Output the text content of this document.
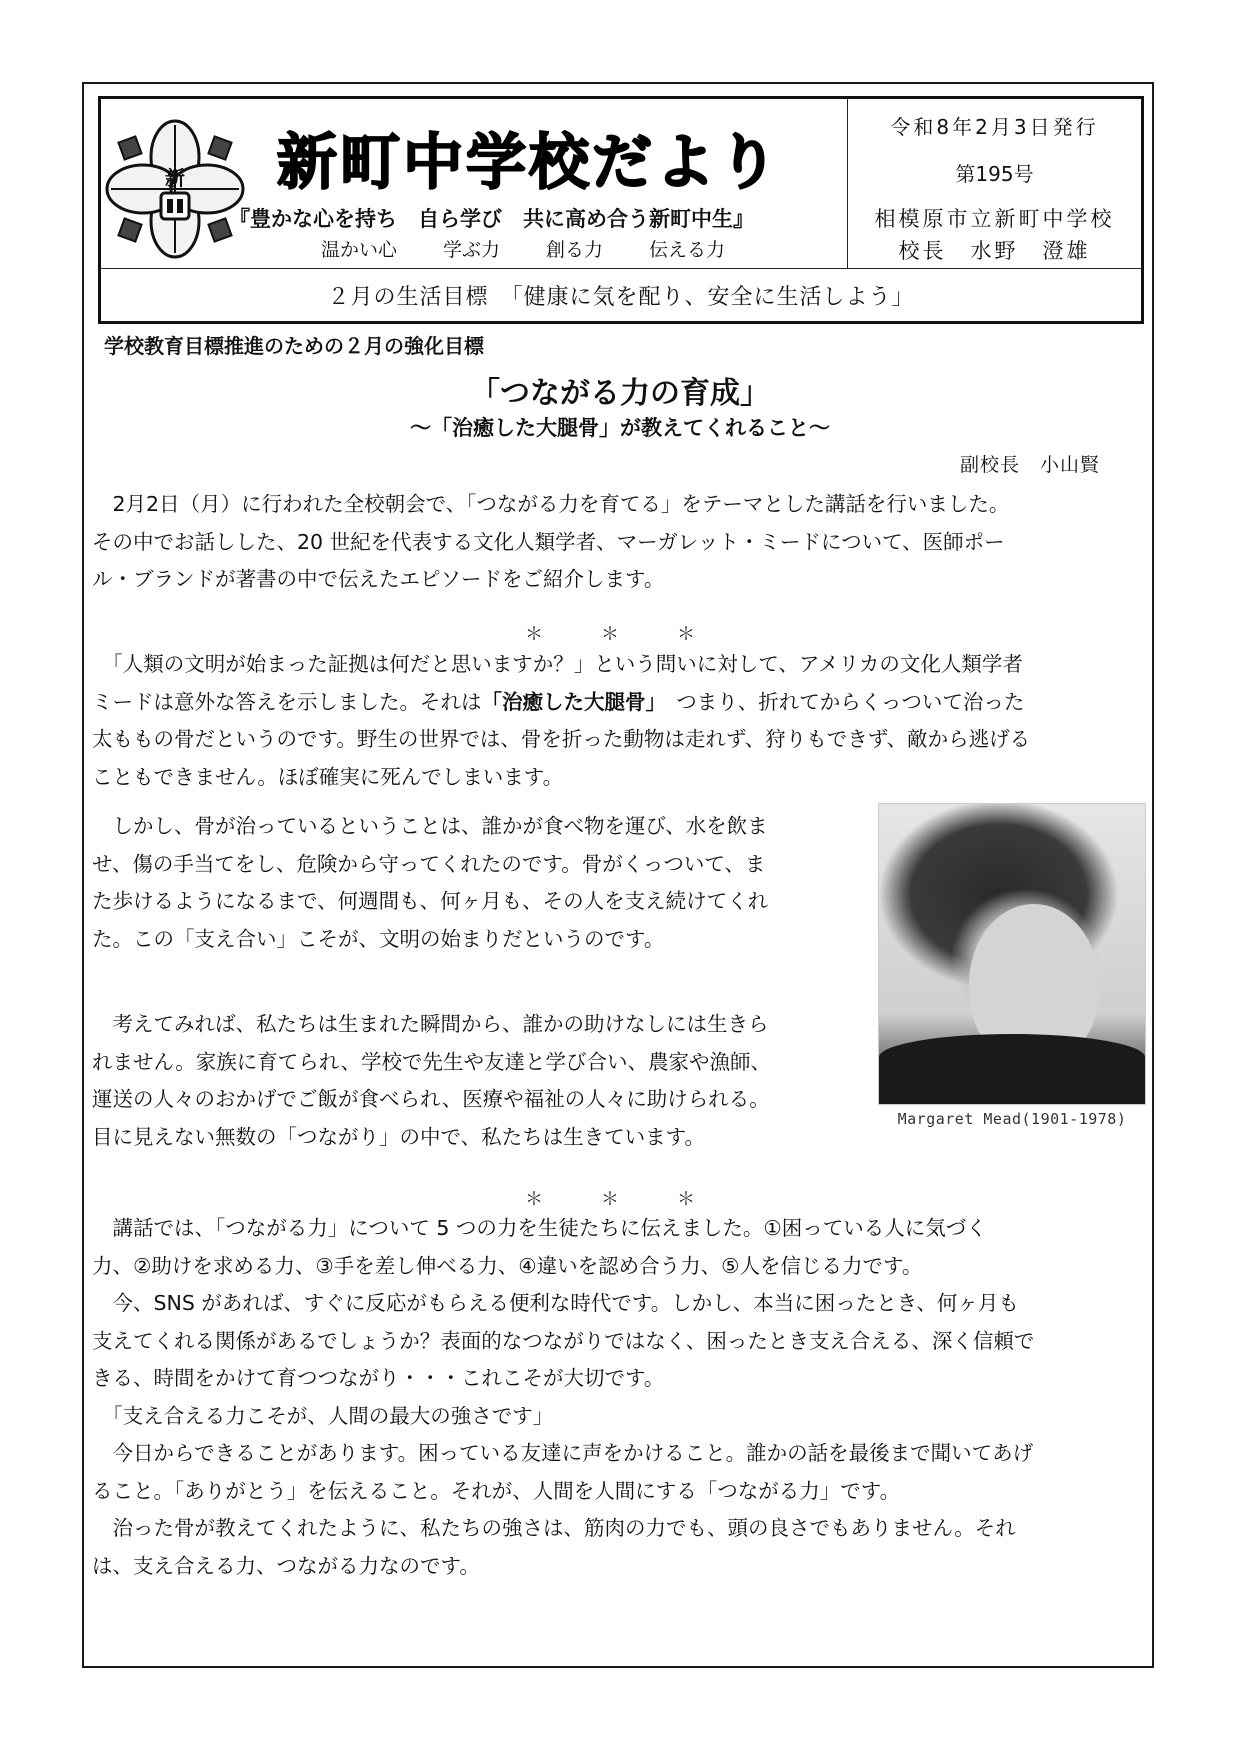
新 新町中学校だより
『豊かな心を持ち　自ら学び　共に高め合う新町中生』
温かい心 学ぶ力 創る力 伝える力
令和8年2月3日発行
第195号
相模原市立新町中学校
校長　水野　澄雄
２月の生活目標　「健康に気を配り、安全に生活しよう」
学校教育目標推進のための２月の強化目標
「つながる力の育成」
～「治癒した大腿骨」が教えてくれること～
副校長　小山賢
　2月2日（月）に行われた全校朝会で、「つながる力を育てる」をテーマとした講話を行いました。
その中でお話しした、20 世紀を代表する文化人類学者、マーガレット・ミードについて、医師ポー
ル・ブランドが著書の中で伝えたエピソードをご紹介します。
＊　＊　＊
　「人類の文明が始まった証拠は何だと思いますか？」という問いに対して、アメリカの文化人類学者
ミードは意外な答えを示しました。それは「治癒した大腿骨」　つまり、折れてからくっついて治った
太ももの骨だというのです。野生の世界では、骨を折った動物は走れず、狩りもできず、敵から逃げる
こともできません。ほぼ確実に死んでしまいます。
　しかし、骨が治っているということは、誰かが食べ物を運び、水を飲ま
せ、傷の手当てをし、危険から守ってくれたのです。骨がくっついて、ま
た歩けるようになるまで、何週間も、何ヶ月も、その人を支え続けてくれ
た。この「支え合い」こそが、文明の始まりだというのです。
　考えてみれば、私たちは生まれた瞬間から、誰かの助けなしには生きら
れません。家族に育てられ、学校で先生や友達と学び合い、農家や漁師、
運送の人々のおかげでご飯が食べられ、医療や福祉の人々に助けられる。
目に見えない無数の「つながり」の中で、私たちは生きています。
Margaret Mead(1901-1978)
＊　＊　＊
　講話では、「つながる力」について 5 つの力を生徒たちに伝えました。①困っている人に気づく
力、②助けを求める力、③手を差し伸べる力、④違いを認め合う力、⑤人を信じる力です。
　今、SNS があれば、すぐに反応がもらえる便利な時代です。しかし、本当に困ったとき、何ヶ月も
支えてくれる関係があるでしょうか？表面的なつながりではなく、困ったとき支え合える、深く信頼で
きる、時間をかけて育つつながり・・・これこそが大切です。
　「支え合える力こそが、人間の最大の強さです」
　今日からできることがあります。困っている友達に声をかけること。誰かの話を最後まで聞いてあげ
ること。「ありがとう」を伝えること。それが、人間を人間にする「つながる力」です。
　治った骨が教えてくれたように、私たちの強さは、筋肉の力でも、頭の良さでもありません。それ
は、支え合える力、つながる力なのです。
